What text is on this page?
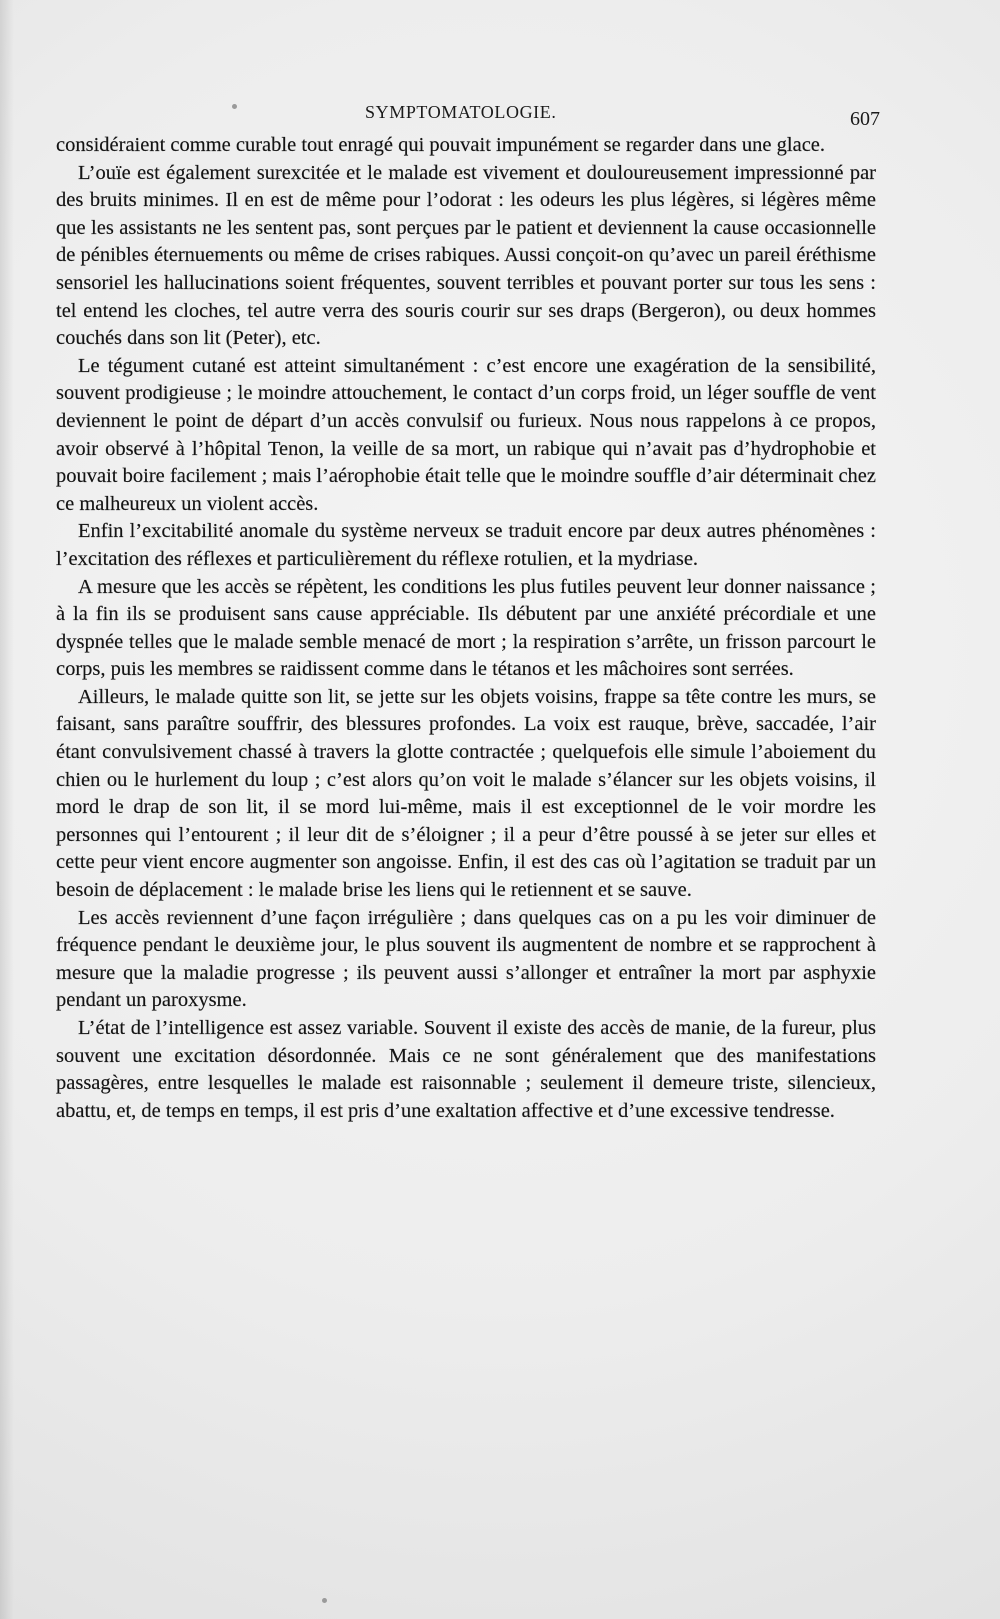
SYMPTOMATOLOGIE.	607

considéraient comme curable tout enragé qui pouvait impunément se regarder dans une glace.

L’ouïe est également surexcitée et le malade est vivement et douloureusement impressionné par des bruits minimes. Il en est de même pour l’odorat : les odeurs les plus légères, si légères même que les assistants ne les sentent pas, sont perçues par le patient et deviennent la cause occasionnelle de pénibles éternuements ou même de crises rabiques. Aussi conçoit-on qu’avec un pareil éréthisme sensoriel les hallucinations soient fréquentes, souvent terribles et pouvant porter sur tous les sens : tel entend les cloches, tel autre verra des souris courir sur ses draps (Bergeron), ou deux hommes couchés dans son lit (Peter), etc.

Le tégument cutané est atteint simultanément : c’est encore une exagération de la sensibilité, souvent prodigieuse ; le moindre attouchement, le contact d’un corps froid, un léger souffle de vent deviennent le point de départ d’un accès convulsif ou furieux. Nous nous rappelons à ce propos, avoir observé à l’hôpital Tenon, la veille de sa mort, un rabique qui n’avait pas d’hydrophobie et pouvait boire facilement ; mais l’aérophobie était telle que le moindre souffle d’air déterminait chez ce malheureux un violent accès.

Enfin l’excitabilité anomale du système nerveux se traduit encore par deux autres phénomènes : l’excitation des réflexes et particulièrement du réflexe rotulien, et la mydriase.

A mesure que les accès se répètent, les conditions les plus futiles peuvent leur donner naissance ; à la fin ils se produisent sans cause appréciable. Ils débutent par une anxiété précordiale et une dyspnée telles que le malade semble menacé de mort ; la respiration s’arrête, un frisson parcourt le corps, puis les membres se raidissent comme dans le tétanos et les mâchoires sont serrées.

Ailleurs, le malade quitte son lit, se jette sur les objets voisins, frappe sa tête contre les murs, se faisant, sans paraître souffrir, des blessures profondes. La voix est rauque, brève, saccadée, l’air étant convulsivement chassé à travers la glotte contractée ; quelquefois elle simule l’aboiement du chien ou le hurlement du loup ; c’est alors qu’on voit le malade s’élancer sur les objets voisins, il mord le drap de son lit, il se mord lui-même, mais il est exceptionnel de le voir mordre les personnes qui l’entourent ; il leur dit de s’éloigner ; il a peur d’être poussé à se jeter sur elles et cette peur vient encore augmenter son angoisse. Enfin, il est des cas où l’agitation se traduit par un besoin de déplacement : le malade brise les liens qui le retiennent et se sauve.

Les accès reviennent d’une façon irrégulière ; dans quelques cas on a pu les voir diminuer de fréquence pendant le deuxième jour, le plus souvent ils augmentent de nombre et se rapprochent à mesure que la maladie progresse ; ils peuvent aussi s’allonger et entraîner la mort par asphyxie pendant un paroxysme.

L’état de l’intelligence est assez variable. Souvent il existe des accès de manie, de la fureur, plus souvent une excitation désordonnée. Mais ce ne sont généralement que des manifestations passagères, entre lesquelles le malade est raisonnable ; seulement il demeure triste, silencieux, abattu, et, de temps en temps, il est pris d’une exaltation affective et d’une excessive tendresse.
